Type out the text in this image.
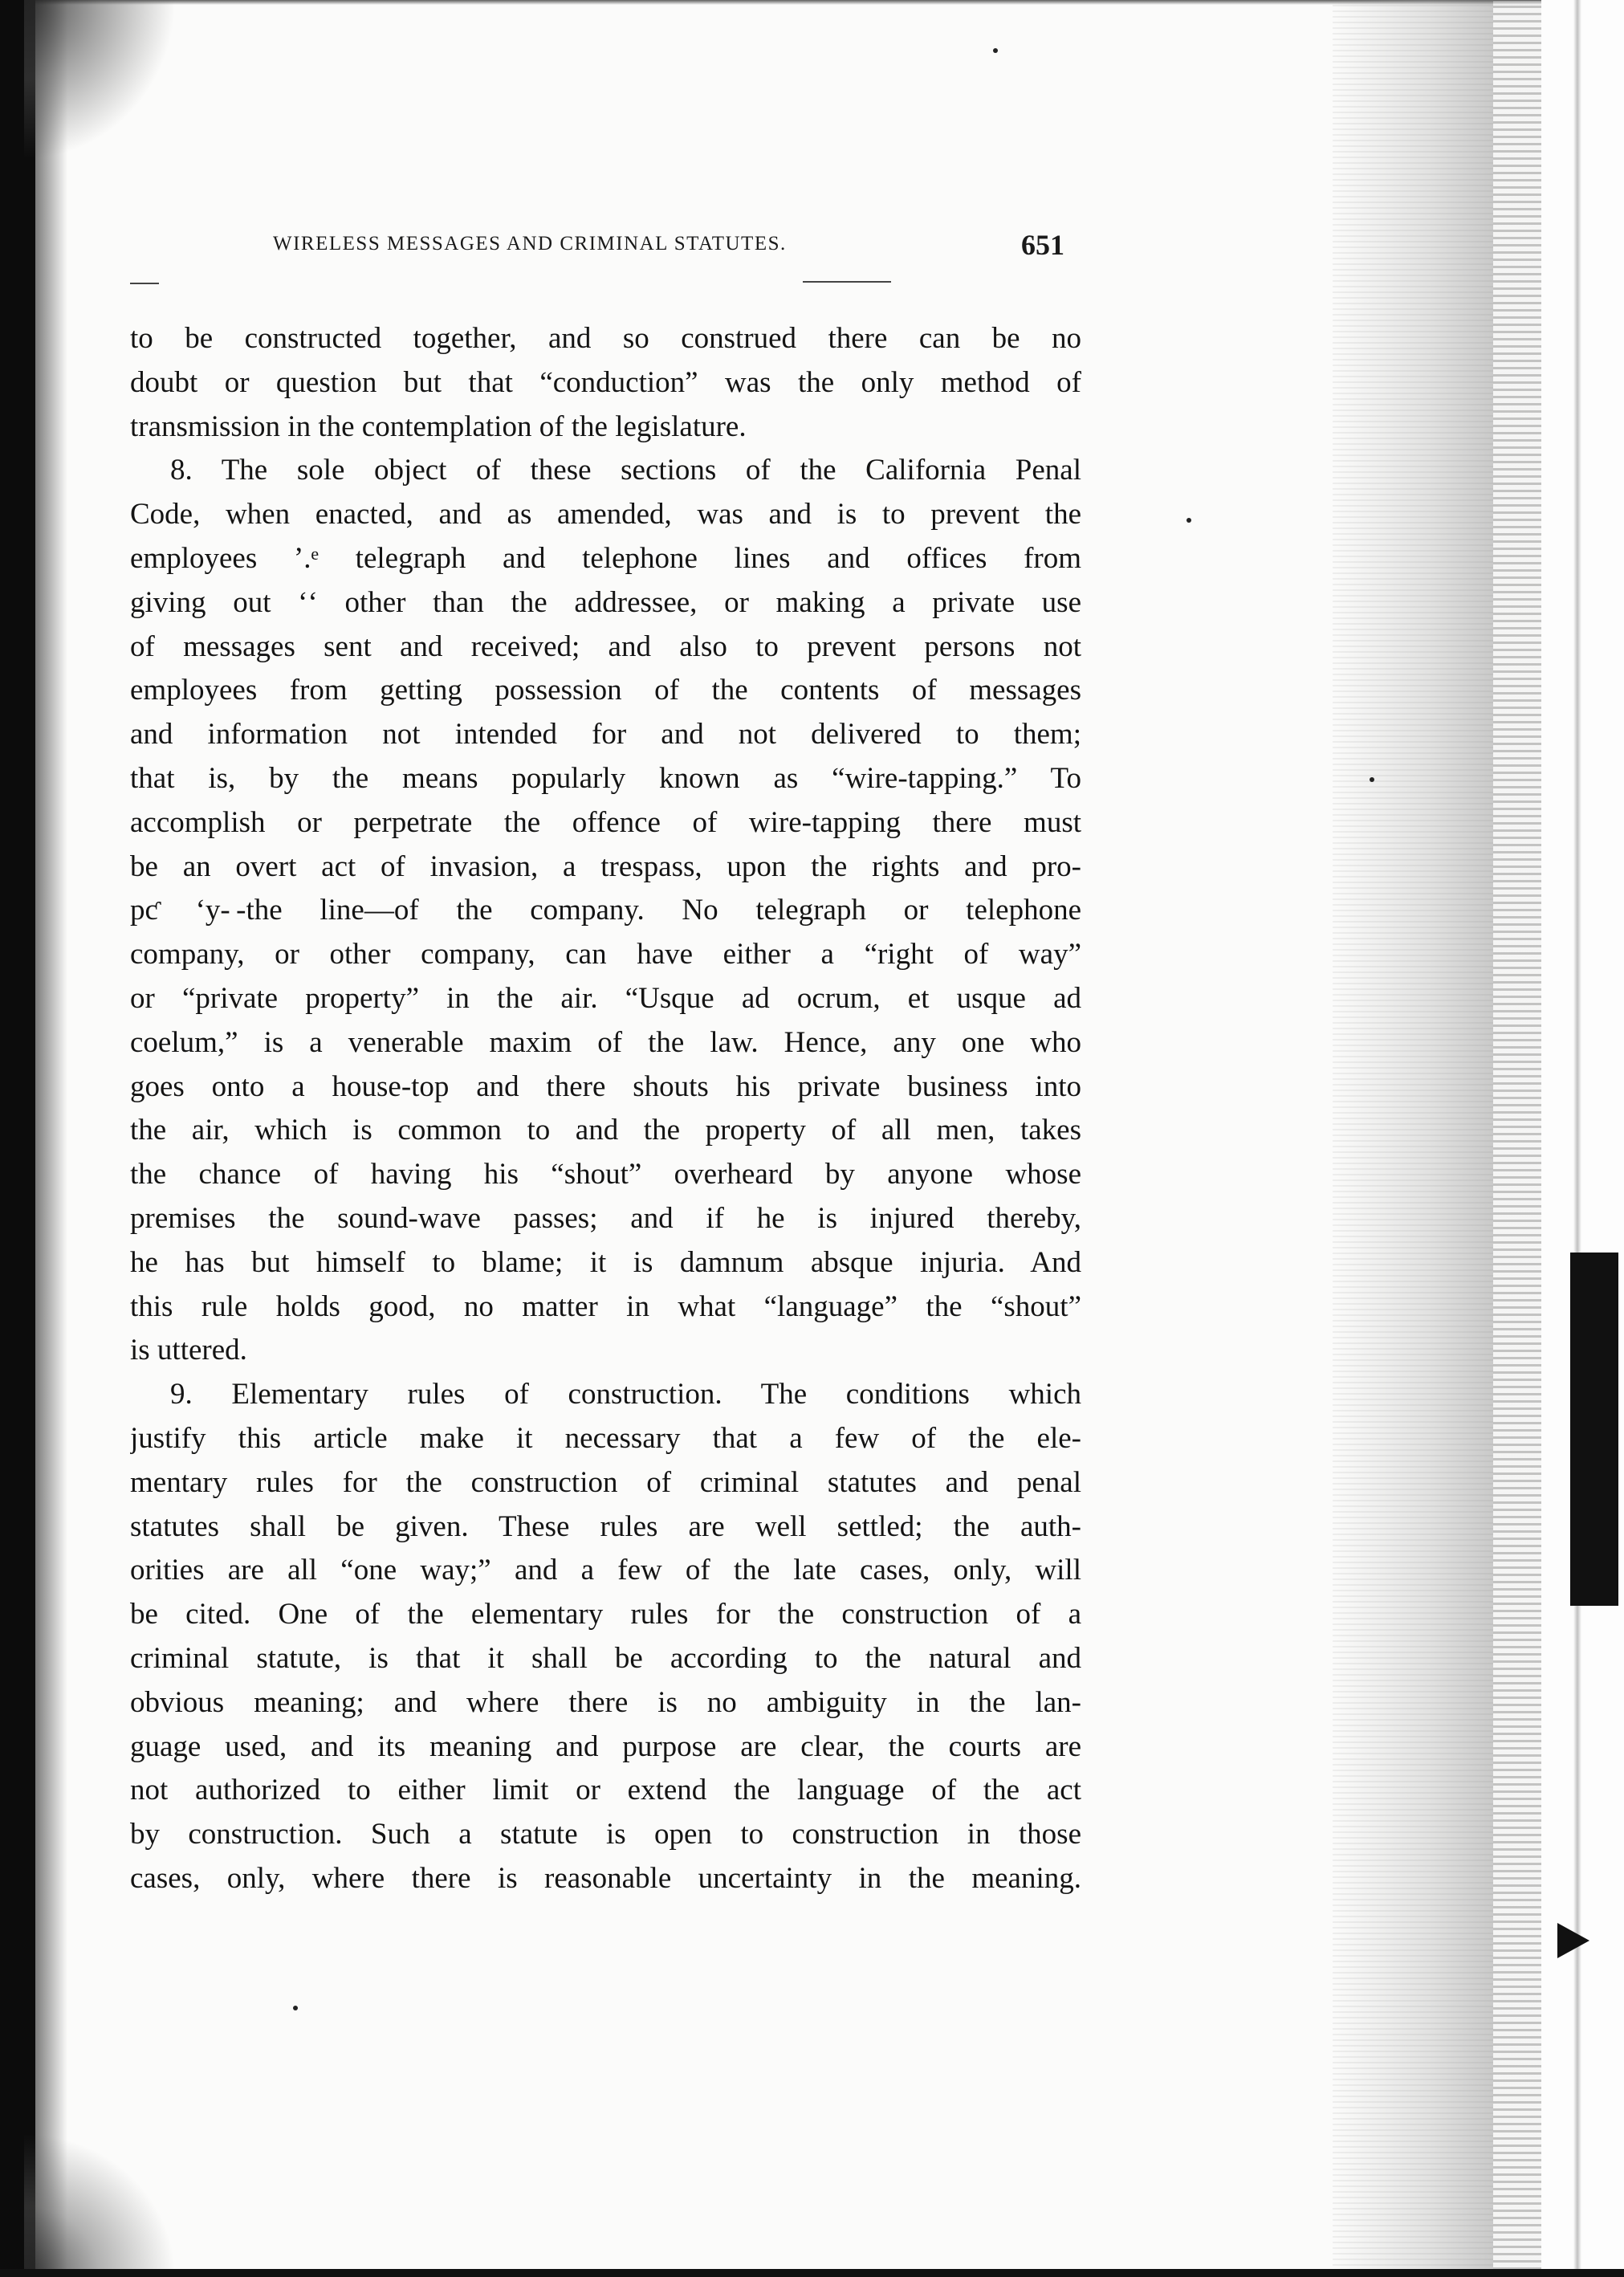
WIRELESS MESSAGES AND CRIMINAL STATUTES.	651
to be constructed together, and so construed there can be no
doubt or question but that “conduction” was the only method of
transmission in the contemplation of the legislature.
8. The sole object of these sections of the California Penal
Code, when enacted, and as amended, was and is to prevent the
employees ’.ᵉ telegraph and telephone lines and offices from
giving out ‘ʻ other than the addressee, or making a private use
of messages sent and received; and also to prevent persons not
employees from getting possession of the contents of messages
and information not intended for and not delivered to them;
that is, by the means popularly known as “wire-tapping.” To
accomplish or perpetrate the offence of wire-tapping there must
be an overt act of invasion, a trespass, upon the rights and pro-
pƈ ‘y- -the line—of the company. No telegraph or telephone
company, or other company, can have either a “right of way”
or “private property” in the air. “Usque ad ocrum, et usque ad
coelum,” is a venerable maxim of the law. Hence, any one who
goes onto a house-top and there shouts his private business into
the air, which is common to and the property of all men, takes
the chance of having his “shout” overheard by anyone whose
premises the sound-wave passes; and if he is injured thereby,
he has but himself to blame; it is damnum absque injuria. And
this rule holds good, no matter in what “language” the “shout”
is uttered.
9. Elementary rules of construction. The conditions which
justify this article make it necessary that a few of the ele-
mentary rules for the construction of criminal statutes and penal
statutes shall be given. These rules are well settled; the auth-
orities are all “one way;” and a few of the late cases, only, will
be cited. One of the elementary rules for the construction of a
criminal statute, is that it shall be according to the natural and
obvious meaning; and where there is no ambiguity in the lan-
guage used, and its meaning and purpose are clear, the courts are
not authorized to either limit or extend the language of the act
by construction. Such a statute is open to construction in those
cases, only, where there is reasonable uncertainty in the meaning.
